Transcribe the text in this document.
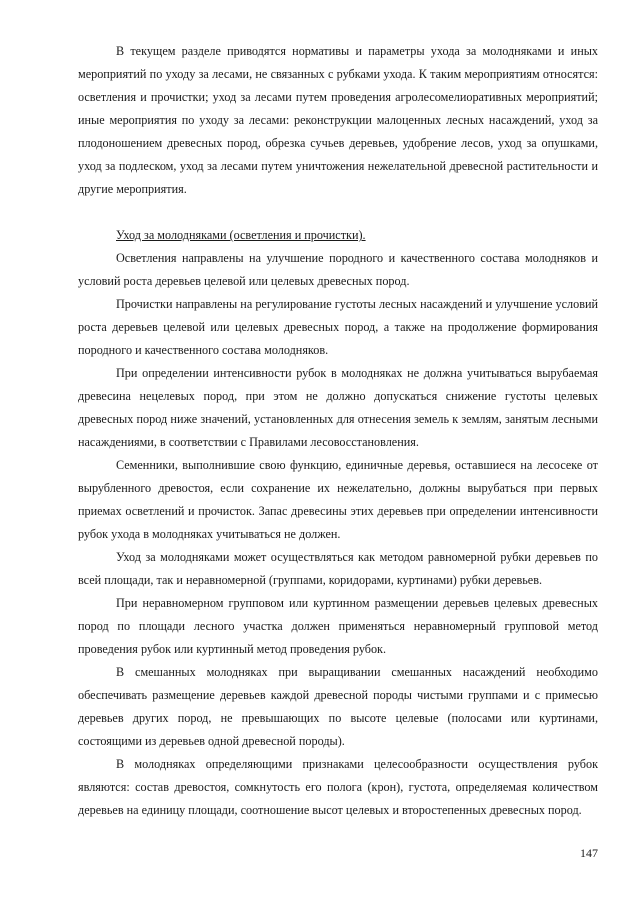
В текущем разделе приводятся нормативы и параметры ухода за молодняками и иных мероприятий по уходу за лесами, не связанных с рубками ухода. К таким мероприятиям относятся: осветления и прочистки; уход за лесами путем проведения агролесомелиоративных мероприятий; иные мероприятия по уходу за лесами: реконструкции малоценных лесных насаждений, уход за плодоношением древесных пород, обрезка сучьев деревьев, удобрение лесов, уход за опушками, уход за подлеском, уход за лесами путем уничтожения нежелательной древесной растительности и другие мероприятия.

Уход за молодняками (осветления и прочистки).

Осветления направлены на улучшение породного и качественного состава молодняков и условий роста деревьев целевой или целевых древесных пород.

Прочистки направлены на регулирование густоты лесных насаждений и улучшение условий роста деревьев целевой или целевых древесных пород, а также на продолжение формирования породного и качественного состава молодняков.

При определении интенсивности рубок в молодняках не должна учитываться вырубаемая древесина нецелевых пород, при этом не должно допускаться снижение густоты целевых древесных пород ниже значений, установленных для отнесения земель к землям, занятым лесными насаждениями, в соответствии с Правилами лесовосстановления.

Семенники, выполнившие свою функцию, единичные деревья, оставшиеся на лесосеке от вырубленного древостоя, если сохранение их нежелательно, должны вырубаться при первых приемах осветлений и прочисток. Запас древесины этих деревьев при определении интенсивности рубок ухода в молодняках учитываться не должен.

Уход за молодняками может осуществляться как методом равномерной рубки деревьев по всей площади, так и неравномерной (группами, коридорами, куртинами) рубки деревьев.

При неравномерном групповом или куртинном размещении деревьев целевых древесных пород по площади лесного участка должен применяться неравномерный групповой метод проведения рубок или куртинный метод проведения рубок.

В смешанных молодняках при выращивании смешанных насаждений необходимо обеспечивать размещение деревьев каждой древесной породы чистыми группами и с примесью деревьев других пород, не превышающих по высоте целевые (полосами или куртинами, состоящими из деревьев одной древесной породы).

В молодняках определяющими признаками целесообразности осуществления рубок являются: состав древостоя, сомкнутость его полога (крон), густота, определяемая количеством деревьев на единицу площади, соотношение высот целевых и второстепенных древесных пород.

147
